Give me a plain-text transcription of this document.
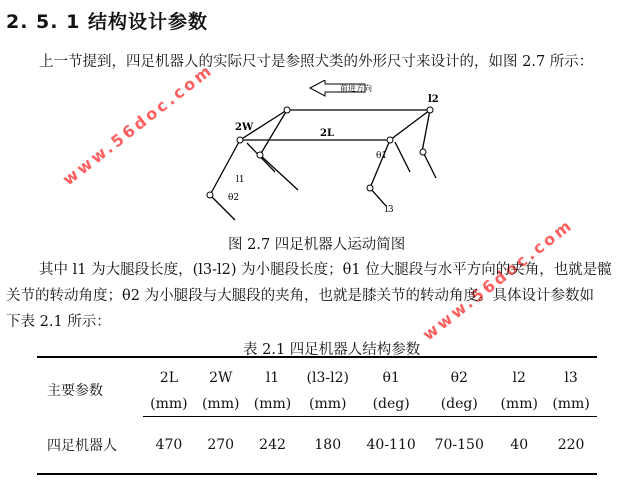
2. 5. 1 结构设计参数
上一节提到，四足机器人的实际尺寸是参照犬类的外形尺寸来设计的，如图 2.7 所示：
前进方向
2W
2L
l2
θ1
l1
θ2
l3
www.56doc.com
www.56doc.com
图 2.7 四足机器人运动简图
其中 l1 为大腿段长度，(l3-l2) 为小腿段长度；θ1 位大腿段与水平方向的夹角，也就是髋
关节的转动角度；θ2 为小腿段与大腿段的夹角，也就是膝关节的转动角度。具体设计参数如
下表 2.1 所示：
表 2.1 四足机器人结构参数
主要参数	2L	2W	l1	(l3-l2)	θ1	θ2	l2	l3
	(mm)	(mm)	(mm)	(mm)	(deg)	(deg)	(mm)	(mm)
四足机器人	470	270	242	180	40-110	70-150	40	220
